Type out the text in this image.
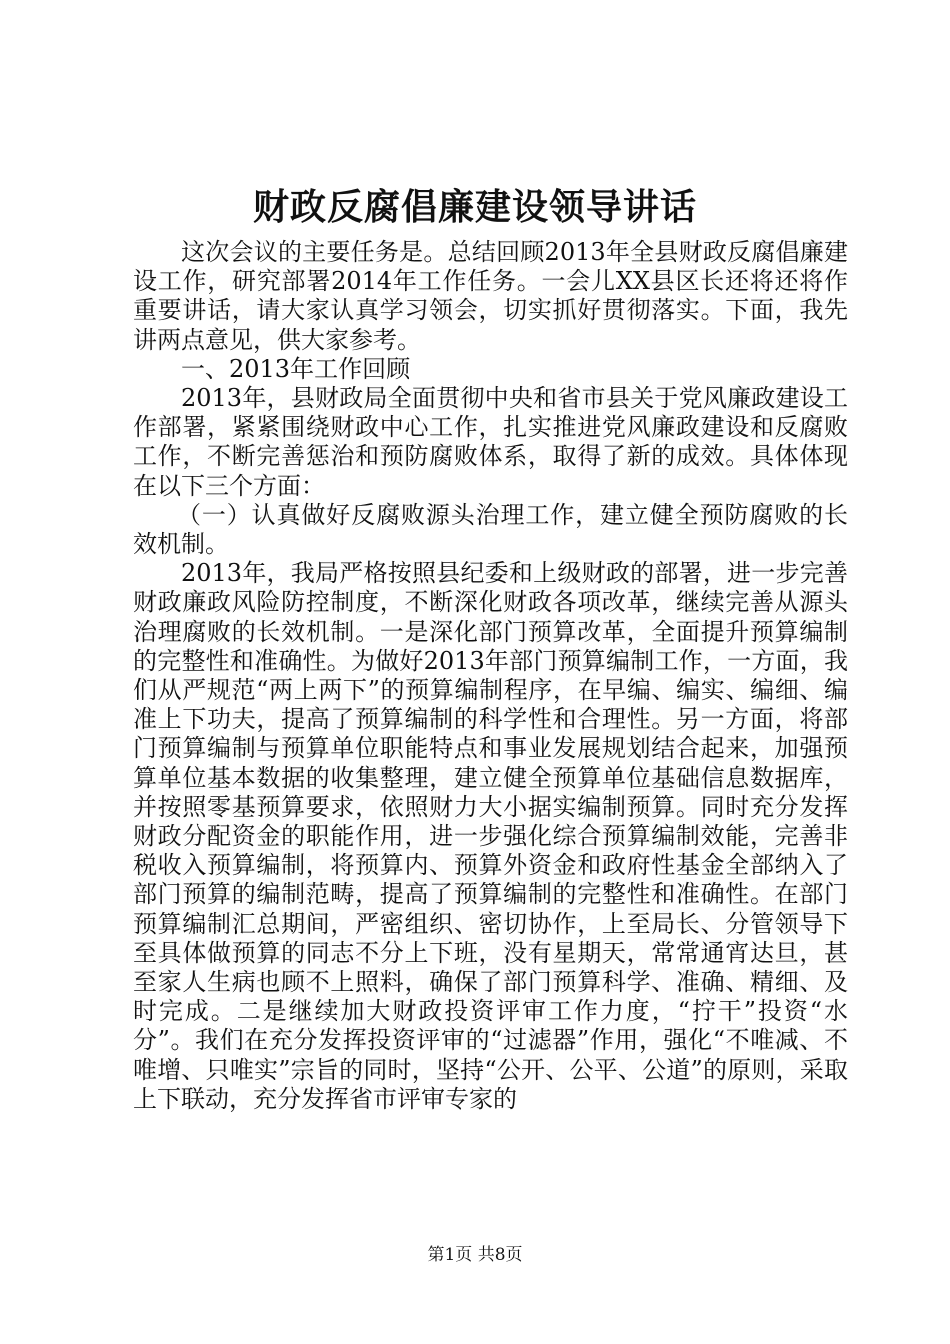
财政反腐倡廉建设领导讲话

这次会议的主要任务是。总结回顾2013年全县财政反腐倡廉建设工作，研究部署2014年工作任务。一会儿XX县区长还将还将作重要讲话，请大家认真学习领会，切实抓好贯彻落实。下面，我先讲两点意见，供大家参考。

一、2013年工作回顾

2013年，县财政局全面贯彻中央和省市县关于党风廉政建设工作部署，紧紧围绕财政中心工作，扎实推进党风廉政建设和反腐败工作，不断完善惩治和预防腐败体系，取得了新的成效。具体体现在以下三个方面：

（一）认真做好反腐败源头治理工作，建立健全预防腐败的长效机制。

2013年，我局严格按照县纪委和上级财政的部署，进一步完善财政廉政风险防控制度，不断深化财政各项改革，继续完善从源头治理腐败的长效机制。一是深化部门预算改革，全面提升预算编制的完整性和准确性。为做好2013年部门预算编制工作，一方面，我们从严规范“两上两下”的预算编制程序，在早编、编实、编细、编准上下功夫，提高了预算编制的科学性和合理性。另一方面，将部门预算编制与预算单位职能特点和事业发展规划结合起来，加强预算单位基本数据的收集整理，建立健全预算单位基础信息数据库，并按照零基预算要求，依照财力大小据实编制预算。同时充分发挥财政分配资金的职能作用，进一步强化综合预算编制效能，完善非税收入预算编制，将预算内、预算外资金和政府性基金全部纳入了部门预算的编制范畴，提高了预算编制的完整性和准确性。在部门预算编制汇总期间，严密组织、密切协作，上至局长、分管领导下至具体做预算的同志不分上下班，没有星期天，常常通宵达旦，甚至家人生病也顾不上照料，确保了部门预算科学、准确、精细、及时完成。二是继续加大财政投资评审工作力度，“拧干”投资“水分”。我们在充分发挥投资评审的“过滤器”作用，强化“不唯减、不唯增、只唯实”宗旨的同时，坚持“公开、公平、公道”的原则，采取上下联动，充分发挥省市评审专家的

第1页 共8页
